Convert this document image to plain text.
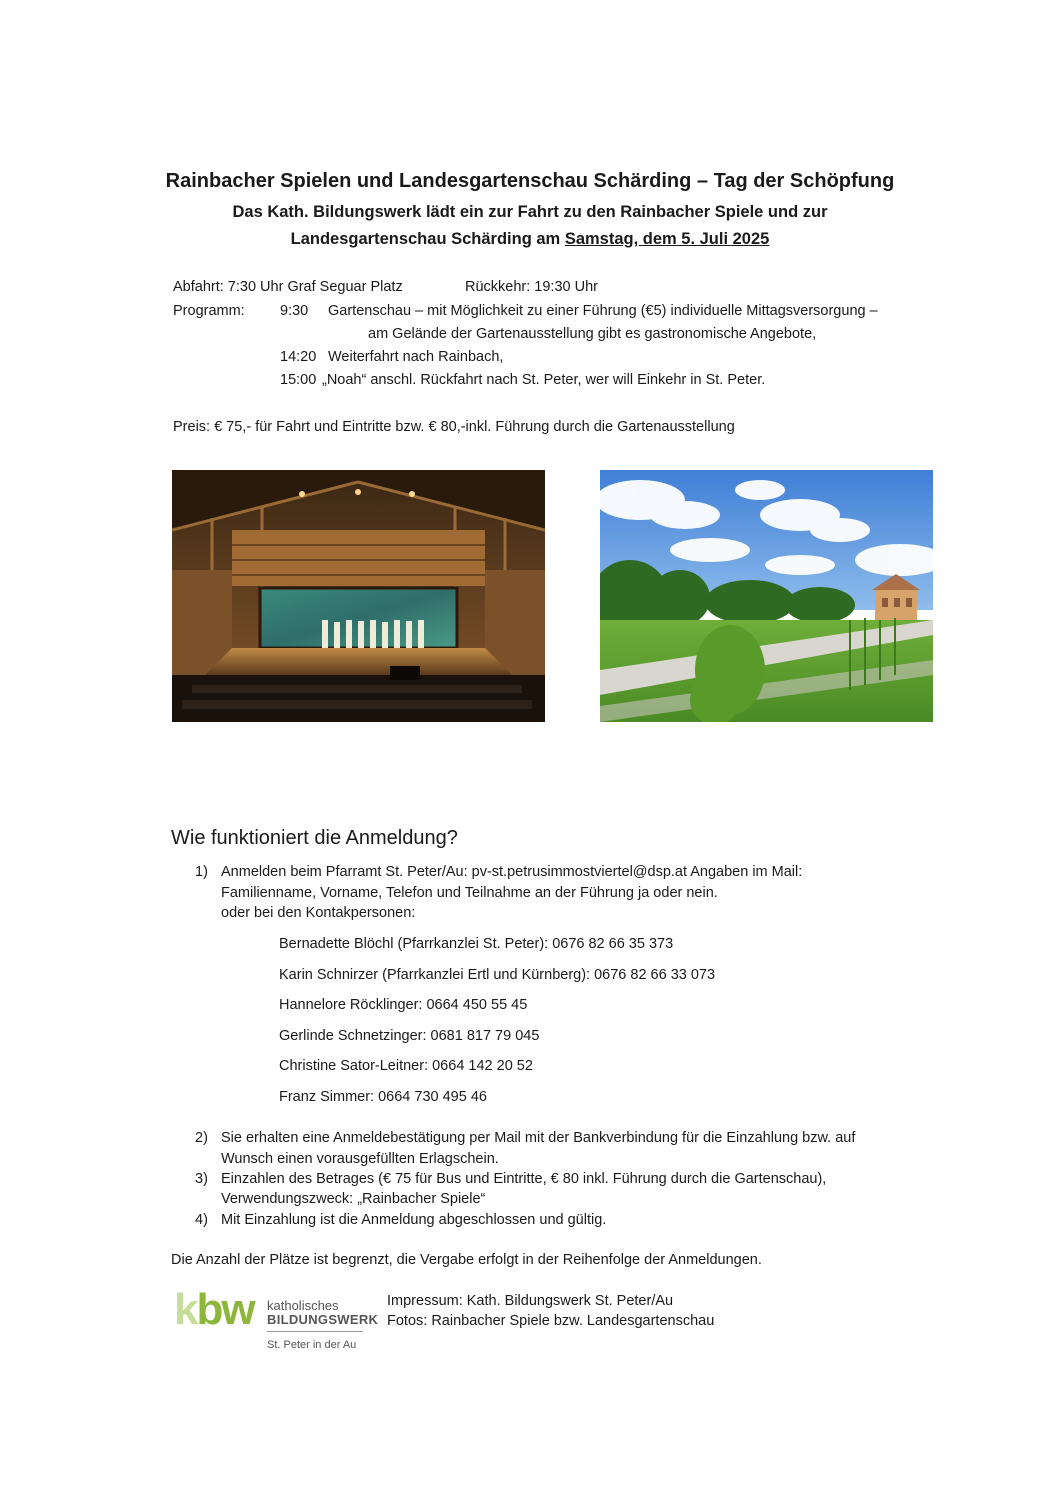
Rainbacher Spielen und Landesgartenschau Schärding – Tag der Schöpfung
Das Kath. Bildungswerk lädt ein zur Fahrt zu den Rainbacher Spiele und zur
Landesgartenschau Schärding am Samstag, dem 5. Juli 2025
Abfahrt: 7:30 Uhr Graf Seguar Platz	Rückkehr: 19:30 Uhr
Programm: 9:30 Gartenschau – mit Möglichkeit zu einer Führung (€5) individuelle Mittagsversorgung –
am Gelände der Gartenausstellung gibt es gastronomische Angebote,
14:20 Weiterfahrt nach Rainbach,
15:00 „Noah“ anschl. Rückfahrt nach St. Peter, wer will Einkehr in St. Peter.
Preis: € 75,- für Fahrt und Eintritte bzw. € 80,-inkl. Führung durch die Gartenausstellung
Wie funktioniert die Anmeldung?
1) Anmelden beim Pfarramt St. Peter/Au: pv-st.petrusimmostviertel@dsp.at Angaben im Mail:
Familienname, Vorname, Telefon und Teilnahme an der Führung ja oder nein.
oder bei den Kontakpersonen:
Bernadette Blöchl (Pfarrkanzlei St. Peter): 0676 82 66 35 373
Karin Schnirzer (Pfarrkanzlei Ertl und Kürnberg): 0676 82 66 33 073
Hannelore Röcklinger: 0664 450 55 45
Gerlinde Schnetzinger: 0681 817 79 045
Christine Sator-Leitner: 0664 142 20 52
Franz Simmer: 0664 730 495 46
2) Sie erhalten eine Anmeldebestätigung per Mail mit der Bankverbindung für die Einzahlung bzw. auf
Wunsch einen vorausgefüllten Erlagschein.
3) Einzahlen des Betrages (€ 75 für Bus und Eintritte, € 80 inkl. Führung durch die Gartenschau),
Verwendungszweck: „Rainbacher Spiele“
4) Mit Einzahlung ist die Anmeldung abgeschlossen und gültig.
Die Anzahl der Plätze ist begrenzt, die Vergabe erfolgt in der Reihenfolge der Anmeldungen.
kbw katholisches
BILDUNGSWERK
St. Peter in der Au
Impressum: Kath. Bildungswerk St. Peter/Au
Fotos: Rainbacher Spiele bzw. Landesgartenschau
